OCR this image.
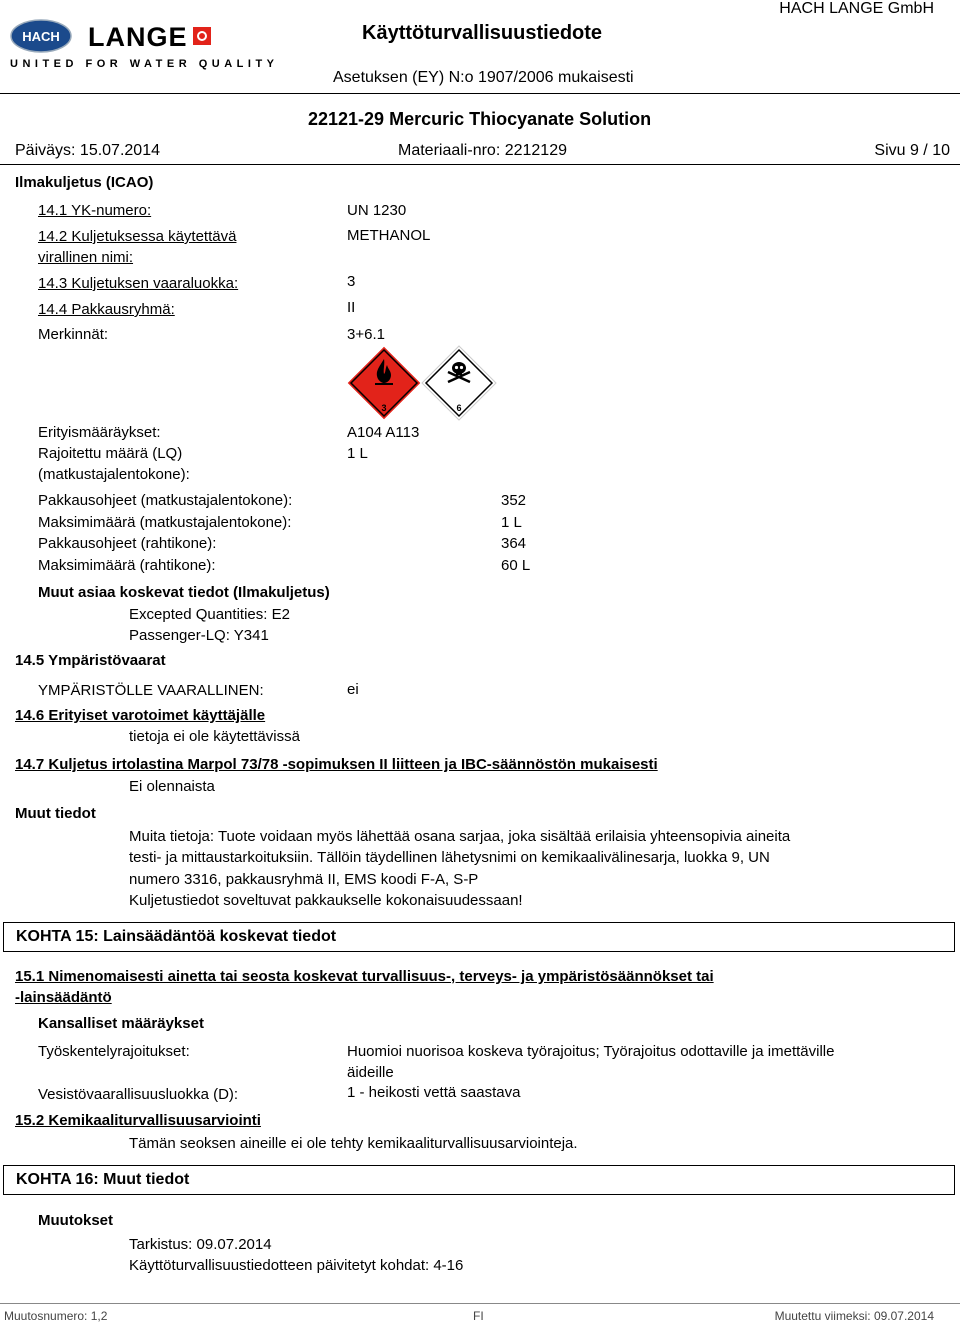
HACH LANGE
UNITED FOR WATER QUALITY
Käyttöturvallisuustiedote
HACH LANGE GmbH
Asetuksen (EY) N:o 1907/2006 mukaisesti
22121-29 Mercuric Thiocyanate Solution
Päiväys: 15.07.2014	Materiaali-nro: 2212129	Sivu 9 / 10
Ilmakuljetus (ICAO)
14.1 YK-numero:	UN 1230
14.2 Kuljetuksessa käytettävä
virallinen nimi:
METHANOL
14.3 Kuljetuksen vaaraluokka:	3
14.4 Pakkausryhmä:	II
Merkinnät:	3+6.1
3	6
Erityismääräykset:	A104 A113
Rajoitettu määrä (LQ)
(matkustajalentokone):
1 L
Pakkausohjeet (matkustajalentokone):	352
Maksimimäärä (matkustajalentokone):	1 L
Pakkausohjeet (rahtikone):	364
Maksimimäärä (rahtikone):	60 L
Muut asiaa koskevat tiedot (Ilmakuljetus)
Excepted Quantities: E2
Passenger-LQ: Y341
14.5 Ympäristövaarat
YMPÄRISTÖLLE VAARALLINEN:	ei
14.6 Erityiset varotoimet käyttäjälle
tietoja ei ole käytettävissä
14.7 Kuljetus irtolastina Marpol 73/78 -sopimuksen II liitteen ja IBC-säännöstön mukaisesti
Ei olennaista
Muut tiedot
Muita tietoja: Tuote voidaan myös lähettää osana sarjaa, joka sisältää erilaisia yhteensopivia aineita
testi- ja mittaustarkoituksiin. Tällöin täydellinen lähetysnimi on kemikaalivälinesarja, luokka 9, UN
numero 3316, pakkausryhmä II, EMS koodi F-A, S-P
Kuljetustiedot soveltuvat pakkaukselle kokonaisuudessaan!
KOHTA 15: Lainsäädäntöä koskevat tiedot
15.1 Nimenomaisesti ainetta tai seosta koskevat turvallisuus-, terveys- ja ympäristösäännökset tai
-lainsäädäntö
Kansalliset määräykset
Työskentelyrajoitukset:	Huomioi nuorisoa koskeva työrajoitus; Työrajoitus odottaville ja imettäville
äideille
Vesistövaarallisuusluokka (D):	1 - heikosti vettä saastava
15.2 Kemikaaliturvallisuusarviointi
Tämän seoksen aineille ei ole tehty kemikaaliturvallisuusarviointeja.
KOHTA 16: Muut tiedot
Muutokset
Tarkistus: 09.07.2014
Käyttöturvallisuustiedotteen päivitetyt kohdat: 4-16
Muutosnumero: 1,2	FI	Muutettu viimeksi: 09.07.2014
